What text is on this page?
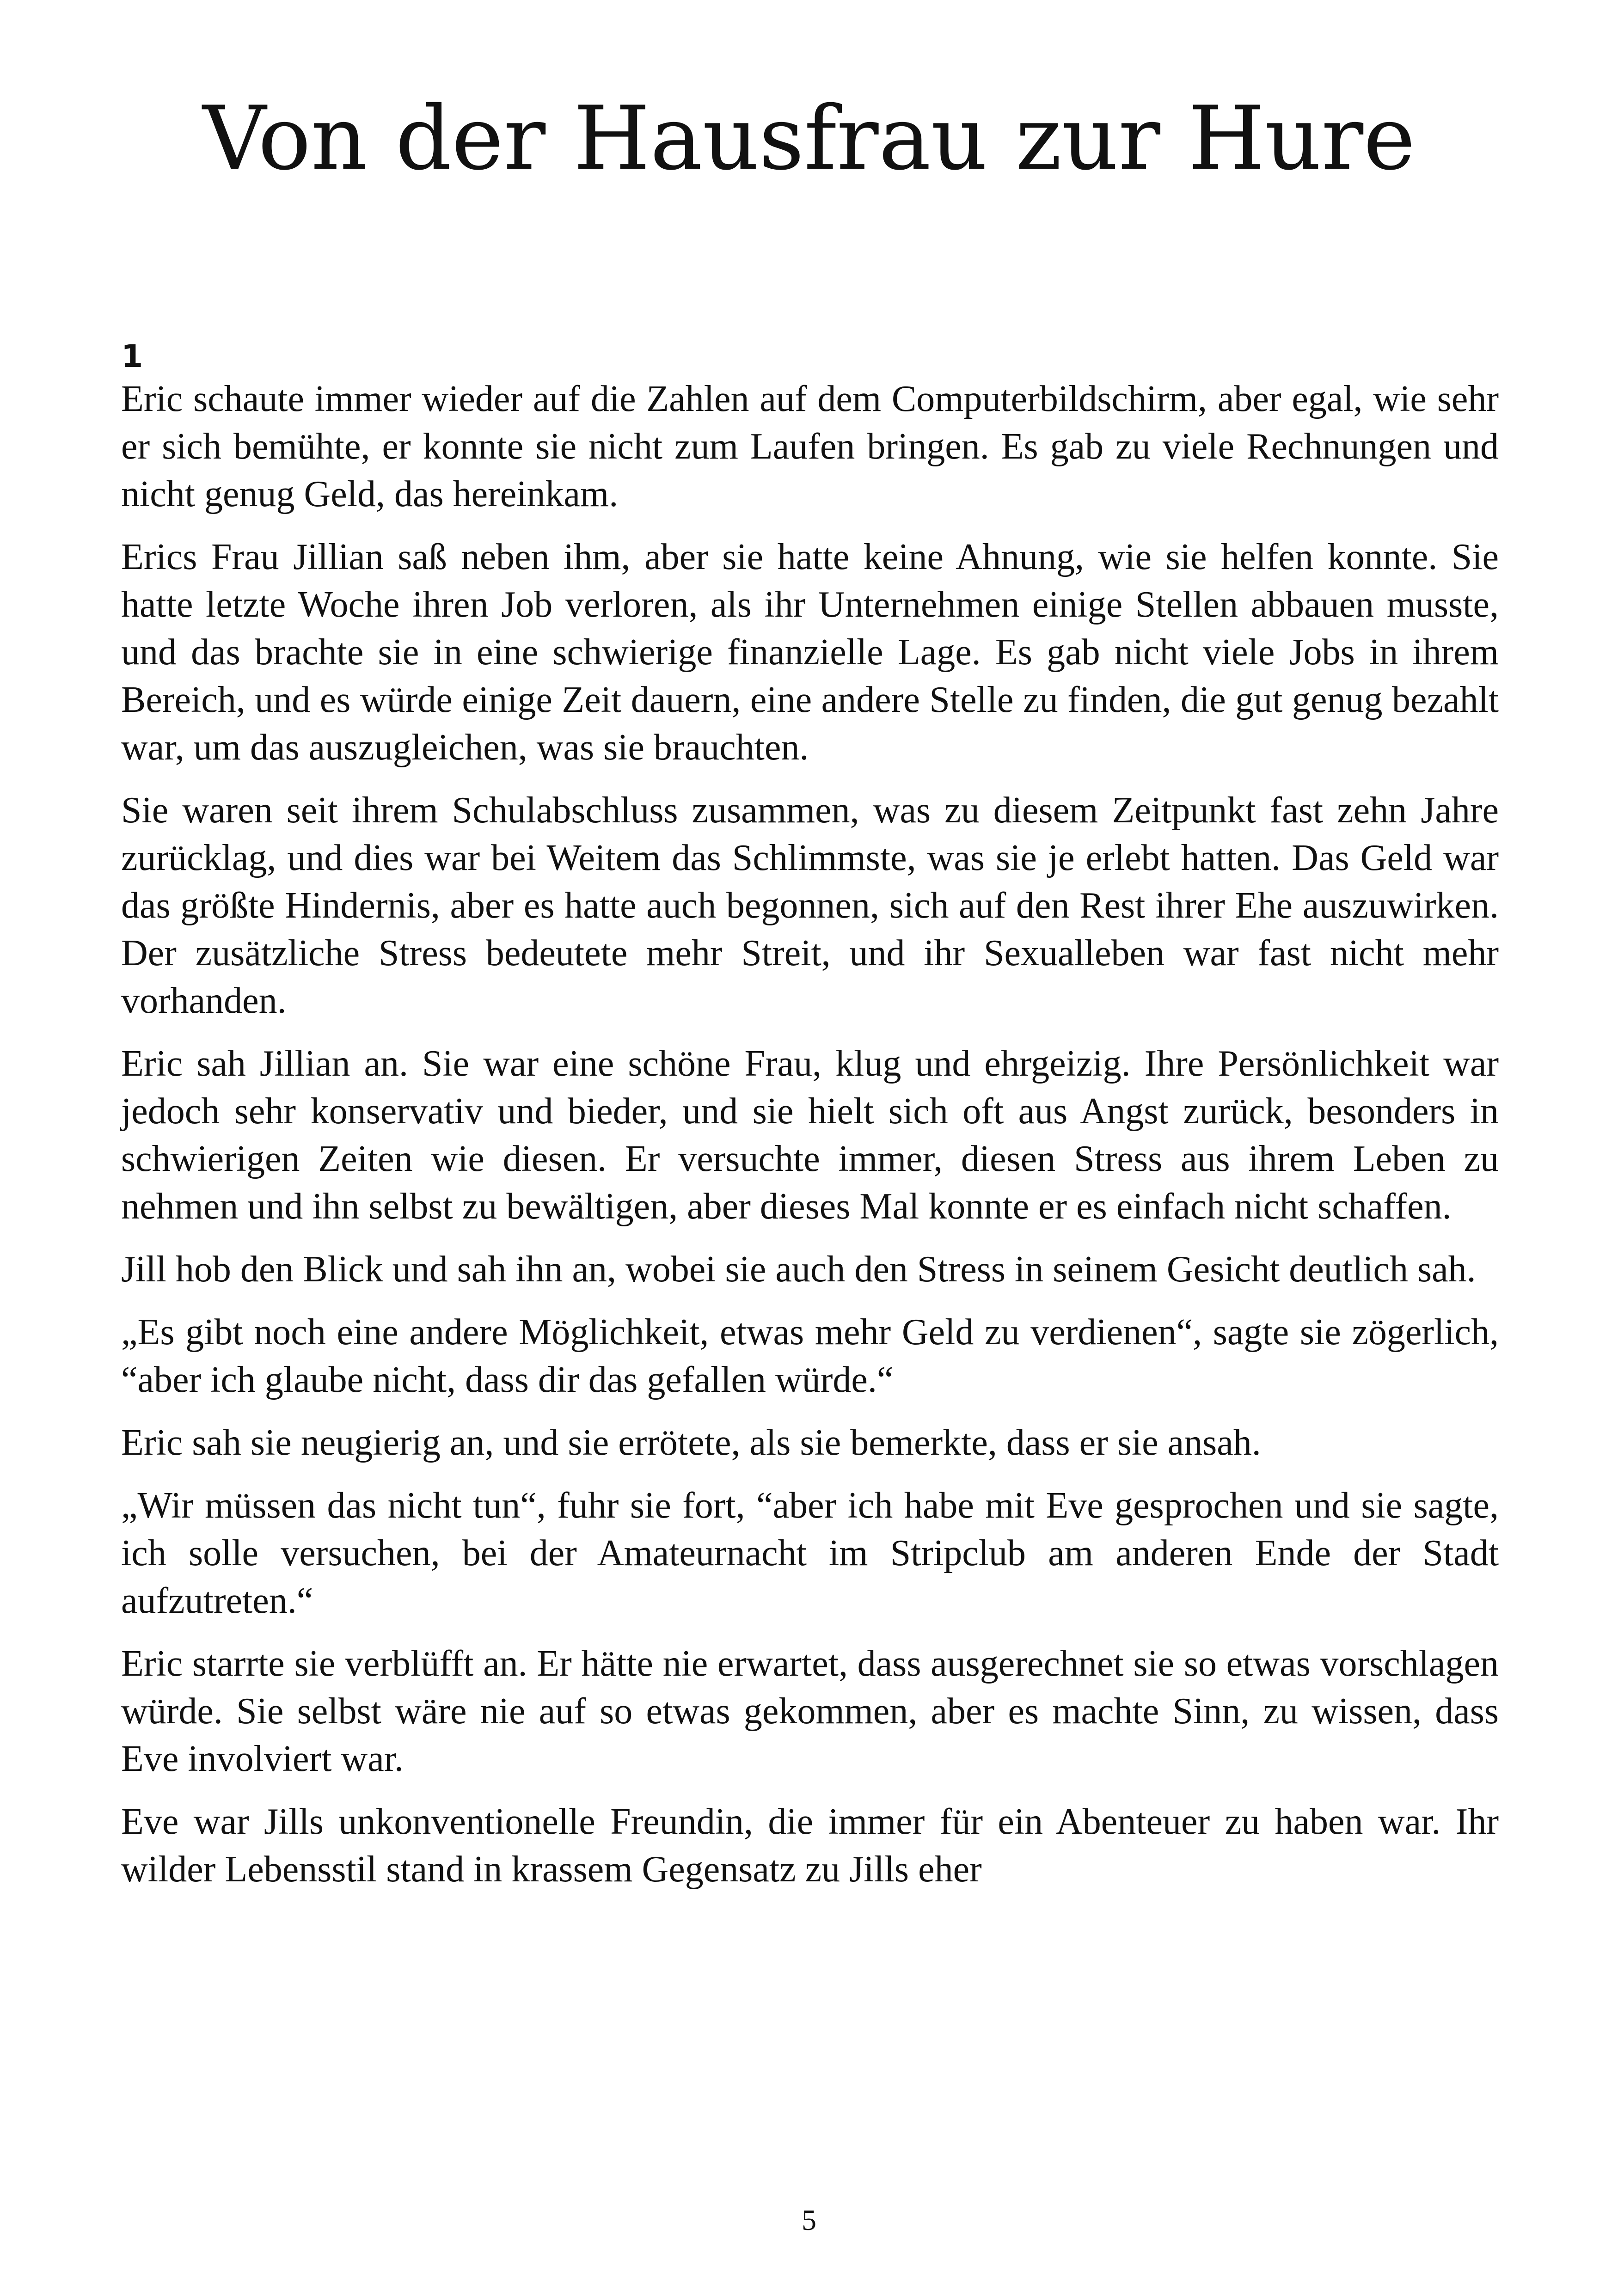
Von der Hausfrau zur Hure
1

Eric schaute immer wieder auf die Zahlen auf dem Computerbildschirm, aber egal, wie sehr er sich bemühte, er konnte sie nicht zum Laufen bringen. Es gab zu viele Rechnungen und nicht genug Geld, das hereinkam.

Erics Frau Jillian saß neben ihm, aber sie hatte keine Ahnung, wie sie helfen konnte. Sie hatte letzte Woche ihren Job verloren, als ihr Unternehmen einige Stellen abbauen musste, und das brachte sie in eine schwierige finanzielle Lage. Es gab nicht viele Jobs in ihrem Bereich, und es würde einige Zeit dauern, eine andere Stelle zu finden, die gut genug bezahlt war, um das auszugleichen, was sie brauchten.

Sie waren seit ihrem Schulabschluss zusammen, was zu diesem Zeitpunkt fast zehn Jahre zurücklag, und dies war bei Weitem das Schlimmste, was sie je erlebt hatten. Das Geld war das größte Hindernis, aber es hatte auch begonnen, sich auf den Rest ihrer Ehe auszuwirken. Der zusätzliche Stress bedeutete mehr Streit, und ihr Sexualleben war fast nicht mehr vorhanden.

Eric sah Jillian an. Sie war eine schöne Frau, klug und ehrgeizig. Ihre Persönlichkeit war jedoch sehr konservativ und bieder, und sie hielt sich oft aus Angst zurück, besonders in schwierigen Zeiten wie diesen. Er versuchte immer, diesen Stress aus ihrem Leben zu nehmen und ihn selbst zu bewältigen, aber dieses Mal konnte er es einfach nicht schaffen.

Jill hob den Blick und sah ihn an, wobei sie auch den Stress in seinem Gesicht deutlich sah.

„Es gibt noch eine andere Möglichkeit, etwas mehr Geld zu verdienen“, sagte sie zögerlich, “aber ich glaube nicht, dass dir das gefallen würde.“

Eric sah sie neugierig an, und sie errötete, als sie bemerkte, dass er sie ansah.

„Wir müssen das nicht tun“, fuhr sie fort, “aber ich habe mit Eve gesprochen und sie sagte, ich solle versuchen, bei der Amateurnacht im Stripclub am anderen Ende der Stadt aufzutreten.“

Eric starrte sie verblüfft an. Er hätte nie erwartet, dass ausgerechnet sie so etwas vorschlagen würde. Sie selbst wäre nie auf so etwas gekommen, aber es machte Sinn, zu wissen, dass Eve involviert war.

Eve war Jills unkonventionelle Freundin, die immer für ein Abenteuer zu haben war. Ihr wilder Lebensstil stand in krassem Gegensatz zu Jills eher

5
